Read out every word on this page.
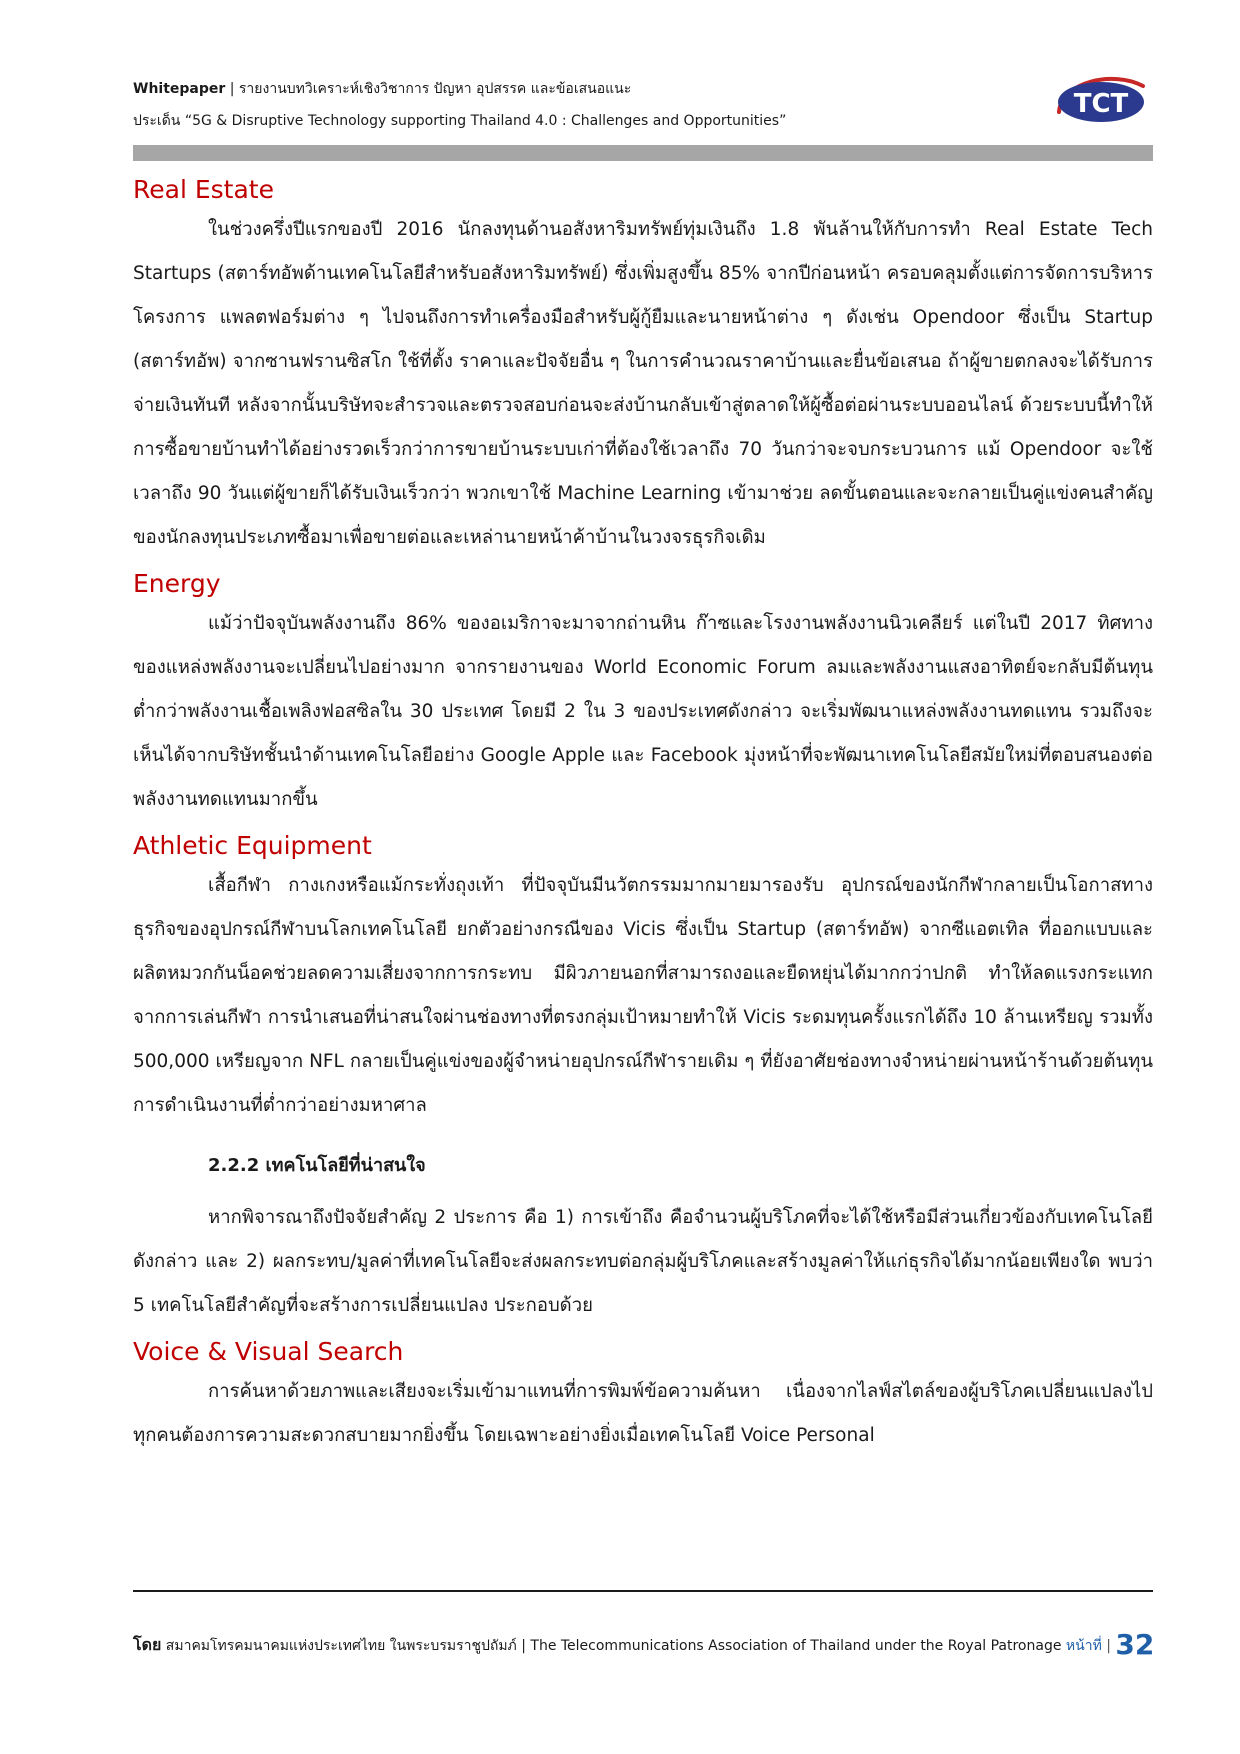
Whitepaper | รายงานบทวิเคราะห์เชิงวิชาการ ปัญหา อุปสรรค และข้อเสนอแนะ
ประเด็น “5G & Disruptive Technology supporting Thailand 4.0 : Challenges and Opportunities”
TCT
Real Estate

ในช่วงครึ่งปีแรกของปี 2016 นักลงทุนด้านอสังหาริมทรัพย์ทุ่มเงินถึง 1.8 พันล้านให้กับการทำ Real Estate Tech Startups (สตาร์ทอัพด้านเทคโนโลยีสำหรับอสังหาริมทรัพย์) ซึ่งเพิ่มสูงขึ้น 85% จากปีก่อนหน้า ครอบคลุมตั้งแต่การจัดการบริหารโครงการ แพลตฟอร์มต่าง ๆ ไปจนถึงการทำเครื่องมือสำหรับผู้กู้ยืมและนายหน้าต่าง ๆ ดังเช่น Opendoor ซึ่งเป็น Startup (สตาร์ทอัพ) จากซานฟรานซิสโก ใช้ที่ตั้ง ราคาและปัจจัยอื่น ๆ ในการคำนวณราคาบ้านและยื่นข้อเสนอ ถ้าผู้ขายตกลงจะได้รับการจ่ายเงินทันที หลังจากนั้นบริษัทจะสำรวจและตรวจสอบก่อนจะส่งบ้านกลับเข้าสู่ตลาดให้ผู้ซื้อต่อผ่านระบบออนไลน์ ด้วยระบบนี้ทำให้การซื้อขายบ้านทำได้อย่างรวดเร็วกว่าการขายบ้านระบบเก่าที่ต้องใช้เวลาถึง 70 วันกว่าจะจบกระบวนการ แม้ Opendoor จะใช้เวลาถึง 90 วันแต่ผู้ขายก็ได้รับเงินเร็วกว่า พวกเขาใช้ Machine Learning เข้ามาช่วย ลดขั้นตอนและจะกลายเป็นคู่แข่งคนสำคัญของนักลงทุนประเภทซื้อมาเพื่อขายต่อและเหล่านายหน้าค้าบ้านในวงจรธุรกิจเดิม

Energy

แม้ว่าปัจจุบันพลังงานถึง 86% ของอเมริกาจะมาจากถ่านหิน ก๊าซและโรงงานพลังงานนิวเคลียร์ แต่ในปี 2017 ทิศทางของแหล่งพลังงานจะเปลี่ยนไปอย่างมาก จากรายงานของ World Economic Forum ลมและพลังงานแสงอาทิตย์จะกลับมีต้นทุนต่ำกว่าพลังงานเชื้อเพลิงฟอสซิลใน 30 ประเทศ โดยมี 2 ใน 3 ของประเทศดังกล่าว จะเริ่มพัฒนาแหล่งพลังงานทดแทน รวมถึงจะเห็นได้จากบริษัทชั้นนำด้านเทคโนโลยีอย่าง Google Apple และ Facebook มุ่งหน้าที่จะพัฒนาเทคโนโลยีสมัยใหม่ที่ตอบสนองต่อพลังงานทดแทนมากขึ้น

Athletic Equipment

เสื้อกีฬา กางเกงหรือแม้กระทั่งถุงเท้า ที่ปัจจุบันมีนวัตกรรมมากมายมารองรับ อุปกรณ์ของนักกีฬากลายเป็นโอกาสทางธุรกิจของอุปกรณ์กีฬาบนโลกเทคโนโลยี ยกตัวอย่างกรณีของ Vicis ซึ่งเป็น Startup (สตาร์ทอัพ) จากซีแอตเทิล ที่ออกแบบและผลิตหมวกกันน็อคช่วยลดความเสี่ยงจากการกระทบ มีผิวภายนอกที่สามารถงอและยืดหยุ่นได้มากกว่าปกติ ทำให้ลดแรงกระแทกจากการเล่นกีฬา การนำเสนอที่น่าสนใจผ่านช่องทางที่ตรงกลุ่มเป้าหมายทำให้ Vicis ระดมทุนครั้งแรกได้ถึง 10 ล้านเหรียญ รวมทั้ง 500,000 เหรียญจาก NFL กลายเป็นคู่แข่งของผู้จำหน่ายอุปกรณ์กีฬารายเดิม ๆ ที่ยังอาศัยช่องทางจำหน่ายผ่านหน้าร้านด้วยต้นทุนการดำเนินงานที่ต่ำกว่าอย่างมหาศาล

2.2.2 เทคโนโลยีที่น่าสนใจ

หากพิจารณาถึงปัจจัยสำคัญ 2 ประการ คือ 1) การเข้าถึง คือจำนวนผู้บริโภคที่จะได้ใช้หรือมีส่วนเกี่ยวข้องกับเทคโนโลยีดังกล่าว และ 2) ผลกระทบ/มูลค่าที่เทคโนโลยีจะส่งผลกระทบต่อกลุ่มผู้บริโภคและสร้างมูลค่าให้แก่ธุรกิจได้มากน้อยเพียงใด พบว่า 5 เทคโนโลยีสำคัญที่จะสร้างการเปลี่ยนแปลง ประกอบด้วย

Voice & Visual Search

การค้นหาด้วยภาพและเสียงจะเริ่มเข้ามาแทนที่การพิมพ์ข้อความค้นหา เนื่องจากไลฟ์สไตล์ของผู้บริโภคเปลี่ยนแปลงไป ทุกคนต้องการความสะดวกสบายมากยิ่งขึ้น โดยเฉพาะอย่างยิ่งเมื่อเทคโนโลยี Voice Personal

โดย สมาคมโทรคมนาคมแห่งประเทศไทย ในพระบรมราชูปถัมภ์ | The Telecommunications Association of Thailand under the Royal Patronage หน้าที่ | 32
